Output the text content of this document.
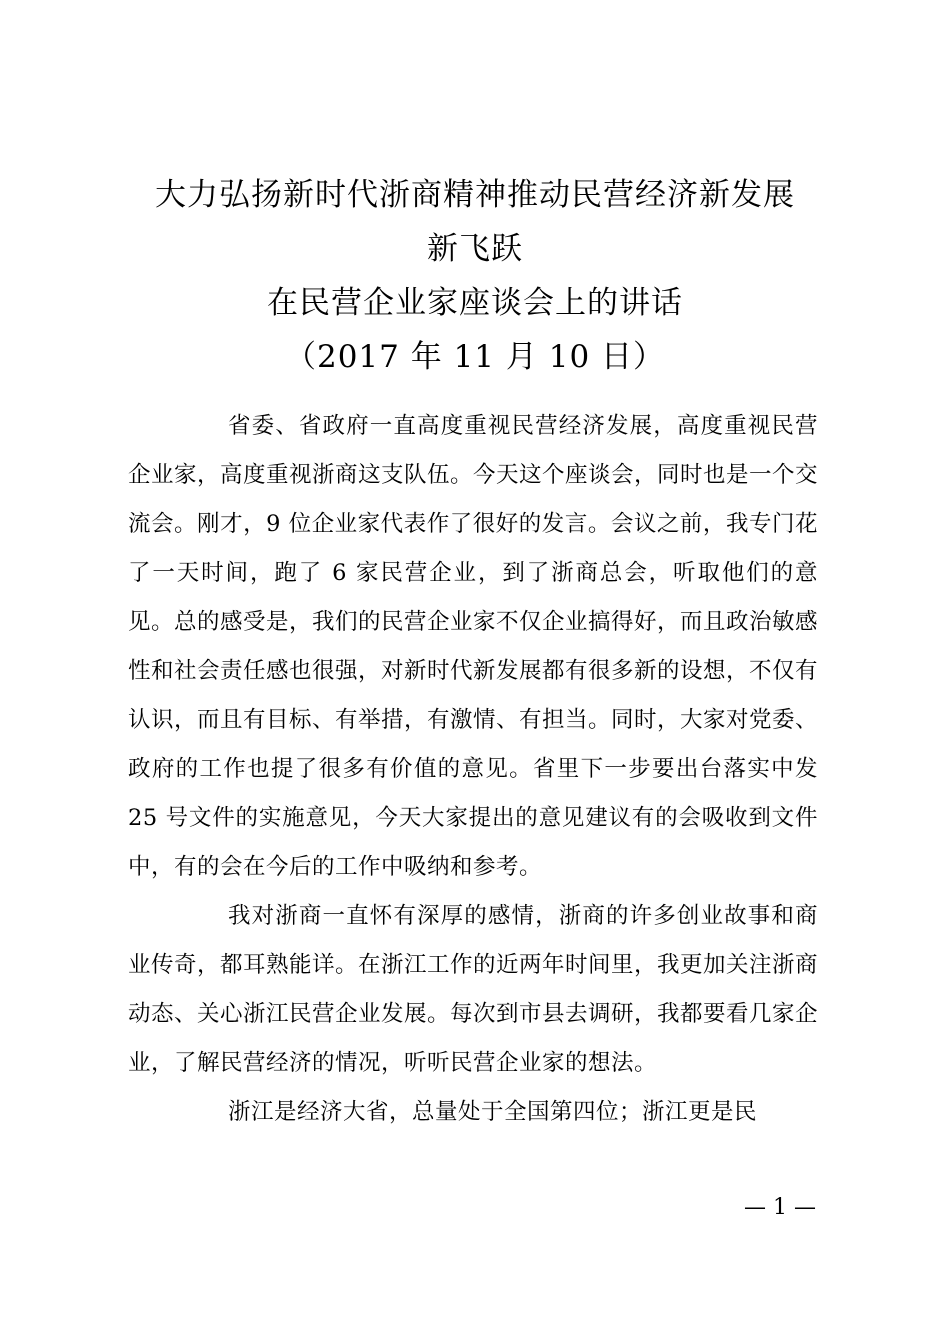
大力弘扬新时代浙商精神推动民营经济新发展
新飞跃
在民营企业家座谈会上的讲话
（2017 年 11 月 10 日）

省委、省政府一直高度重视民营经济发展，高度重视民营企业家，高度重视浙商这支队伍。今天这个座谈会，同时也是一个交流会。刚才，9 位企业家代表作了很好的发言。会议之前，我专门花了一天时间，跑了 6 家民营企业，到了浙商总会，听取他们的意见。总的感受是，我们的民营企业家不仅企业搞得好，而且政治敏感性和社会责任感也很强，对新时代新发展都有很多新的设想，不仅有认识，而且有目标、有举措，有激情、有担当。同时，大家对党委、政府的工作也提了很多有价值的意见。省里下一步要出台落实中发 25 号文件的实施意见，今天大家提出的意见建议有的会吸收到文件中，有的会在今后的工作中吸纳和参考。

我对浙商一直怀有深厚的感情，浙商的许多创业故事和商业传奇，都耳熟能详。在浙江工作的近两年时间里，我更加关注浙商动态、关心浙江民营企业发展。每次到市县去调研，我都要看几家企业，了解民营经济的情况，听听民营企业家的想法。

浙江是经济大省，总量处于全国第四位；浙江更是民

— 1 —
